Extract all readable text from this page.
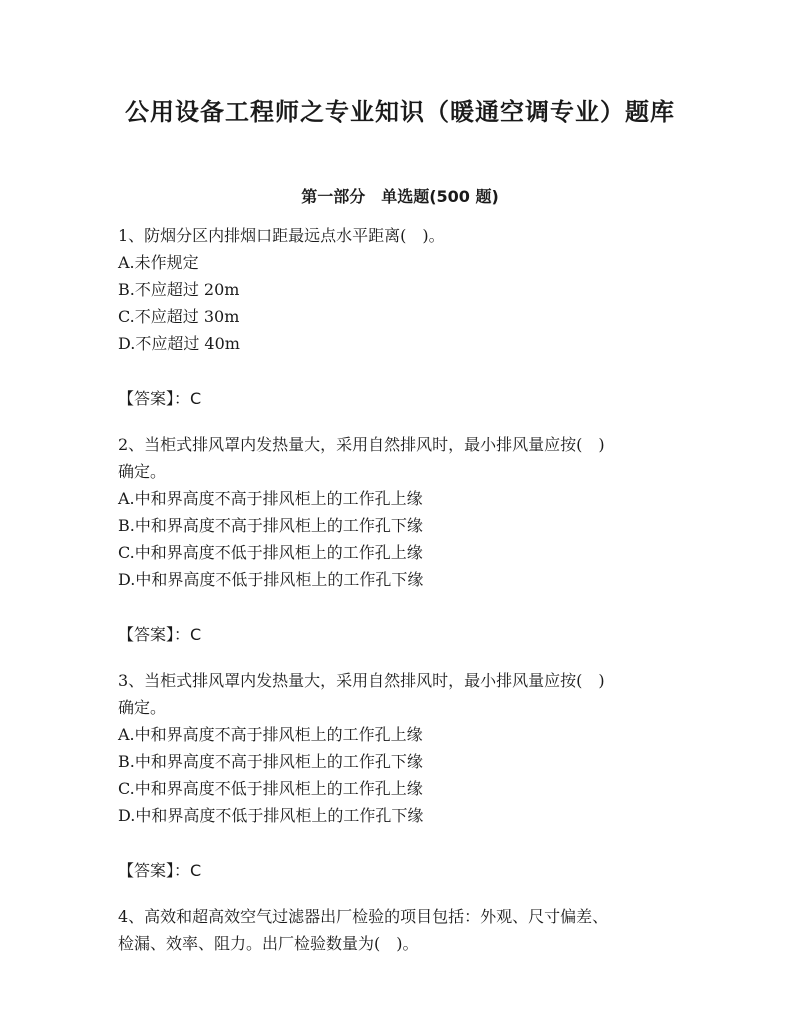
公用设备工程师之专业知识（暖通空调专业）题库
第一部分　单选题(500 题)
1、防烟分区内排烟口距最远点水平距离(　)。
A.未作规定
B.不应超过 20m
C.不应超过 30m
D.不应超过 40m
【答案】：C
2、当柜式排风罩内发热量大，采用自然排风时，最小排风量应按(　)
确定。
A.中和界高度不高于排风柜上的工作孔上缘
B.中和界高度不高于排风柜上的工作孔下缘
C.中和界高度不低于排风柜上的工作孔上缘
D.中和界高度不低于排风柜上的工作孔下缘
【答案】：C
3、当柜式排风罩内发热量大，采用自然排风时，最小排风量应按(　)
确定。
A.中和界高度不高于排风柜上的工作孔上缘
B.中和界高度不高于排风柜上的工作孔下缘
C.中和界高度不低于排风柜上的工作孔上缘
D.中和界高度不低于排风柜上的工作孔下缘
【答案】：C
4、高效和超高效空气过滤器出厂检验的项目包括：外观、尺寸偏差、
检漏、效率、阻力。出厂检验数量为(　)。
